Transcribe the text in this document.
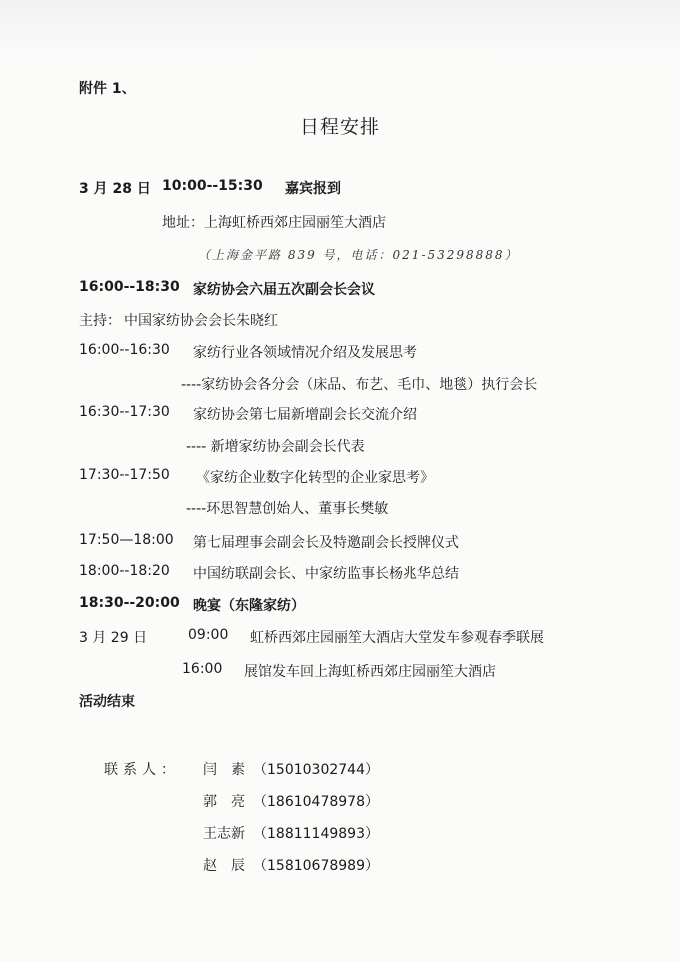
附件 1、
日程安排
3 月 28 日 10:00--15:30 嘉宾报到
地址： 上海虹桥西郊庄园丽笙大酒店
（上海金平路 839 号，电话：021-53298888）
16:00--18:30 家纺协会六届五次副会长会议
主持： 中国家纺协会会长朱晓红
16:00--16:30 家纺行业各领域情况介绍及发展思考
----家纺协会各分会（床品、布艺、毛巾、地毯）执行会长
16:30--17:30 家纺协会第七届新增副会长交流介绍
---- 新增家纺协会副会长代表
17:30--17:50 《家纺企业数字化转型的企业家思考》
----环思智慧创始人、董事长樊敏
17:50—18:00 第七届理事会副会长及特邀副会长授牌仪式
18:00--18:20 中国纺联副会长、中家纺监事长杨兆华总结
18:30--20:00 晚宴（东隆家纺）
3 月 29 日	09:00 虹桥西郊庄园丽笙大酒店大堂发车参观春季联展
16:00 展馆发车回上海虹桥西郊庄园丽笙大酒店
活动结束
联系人： 闫　素 （15010302744）
郭　亮 （18610478978）
王志新 （18811149893）
赵　辰 （15810678989）
